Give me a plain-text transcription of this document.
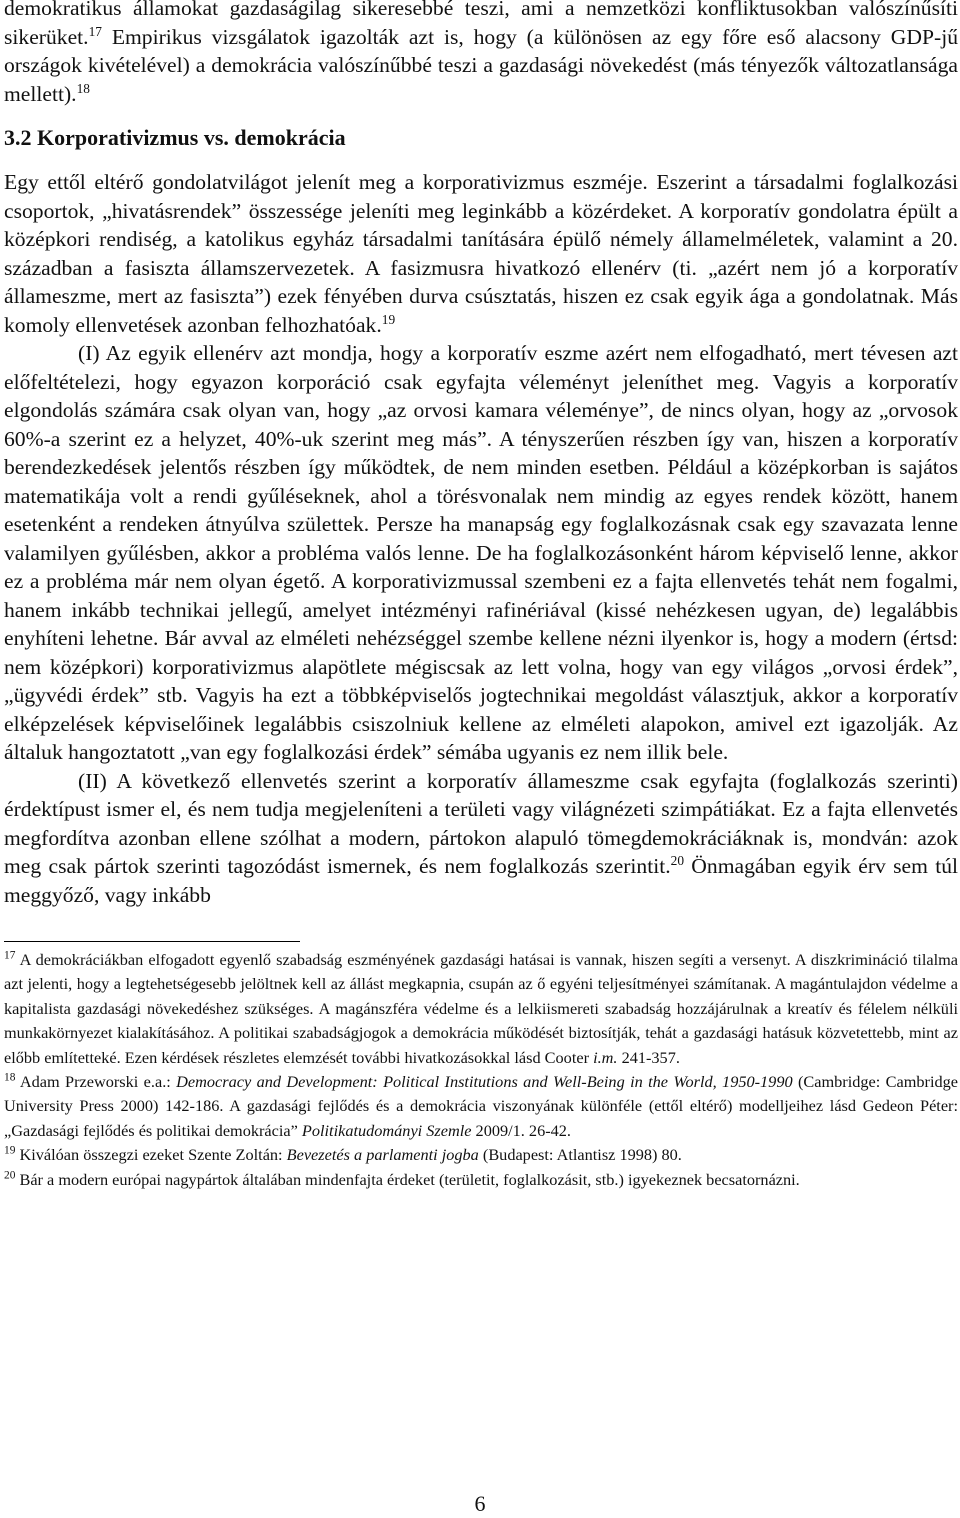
demokratikus államokat gazdaságilag sikeresebbé teszi, ami a nemzetközi konfliktusokban valószínűsíti sikerüket.$^{17}$ Empirikus vizsgálatok igazolták azt is, hogy (a különösen az egy főre eső alacsony GDP-jű országok kivételével) a demokrácia valószínűbbé teszi a gazdasági növekedést (más tényezők változatlansága mellett).$^{18}$

3.2 Korporativizmus vs. demokrácia

Egy ettől eltérő gondolatvilágot jelenít meg a korporativizmus eszméje. Eszerint a társadalmi foglalkozási csoportok, „hivatásrendek” összessége jeleníti meg leginkább a közérdeket. A korporatív gondolatra épült a középkori rendiség, a katolikus egyház társadalmi tanítására épülő némely államelméletek, valamint a 20. században a fasiszta államszervezetek. A fasizmusra hivatkozó ellenérv (ti. „azért nem jó a korporatív állameszme, mert az fasiszta”) ezek fényében durva csúsztatás, hiszen ez csak egyik ága a gondolatnak. Más komoly ellenvetések azonban felhozhatóak.$^{19}$

(I) Az egyik ellenérv azt mondja, hogy a korporatív eszme azért nem elfogadható, mert tévesen azt előfeltételezi, hogy egyazon korporáció csak egyfajta véleményt jeleníthet meg. Vagyis a korporatív elgondolás számára csak olyan van, hogy „az orvosi kamara véleménye”, de nincs olyan, hogy az „orvosok 60%-a szerint ez a helyzet, 40%-uk szerint meg más”. A tényszerűen részben így van, hiszen a korporatív berendezkedések jelentős részben így működtek, de nem minden esetben. Például a középkorban is sajátos matematikája volt a rendi gyűléseknek, ahol a törésvonalak nem mindig az egyes rendek között, hanem esetenként a rendeken átnyúlva születtek. Persze ha manapság egy foglalkozásnak csak egy szavazata lenne valamilyen gyűlésben, akkor a probléma valós lenne. De ha foglalkozásonként három képviselő lenne, akkor ez a probléma már nem olyan égető. A korporativizmussal szembeni ez a fajta ellenvetés tehát nem fogalmi, hanem inkább technikai jellegű, amelyet intézményi rafinériával (kissé nehézkesen ugyan, de) legalábbis enyhíteni lehetne. Bár avval az elméleti nehézséggel szembe kellene nézni ilyenkor is, hogy a modern (értsd: nem középkori) korporativizmus alapötlete mégiscsak az lett volna, hogy van egy világos „orvosi érdek”, „ügyvédi érdek” stb. Vagyis ha ezt a többképviselős jogtechnikai megoldást választjuk, akkor a korporatív elképzelések képviselőinek legalábbis csiszolniuk kellene az elméleti alapokon, amivel ezt igazolják. Az általuk hangoztatott „van egy foglalkozási érdek” sémába ugyanis ez nem illik bele.

(II) A következő ellenvetés szerint a korporatív állameszme csak egyfajta (foglalkozás szerinti) érdektípust ismer el, és nem tudja megjeleníteni a területi vagy világnézeti szimpátiákat. Ez a fajta ellenvetés megfordítva azonban ellene szólhat a modern, pártokon alapuló tömegdemokráciáknak is, mondván: azok meg csak pártok szerinti tagozódást ismernek, és nem foglalkozás szerintit.$^{20}$ Önmagában egyik érv sem túl meggyőző, vagy inkább

$^{17}$ A demokráciákban elfogadott egyenlő szabadság eszményének gazdasági hatásai is vannak, hiszen segíti a versenyt. A diszkrimináció tilalma azt jelenti, hogy a legtehetségesebb jelöltnek kell az állást megkapnia, csupán az ő egyéni teljesítményei számítanak. A magántulajdon védelme a kapitalista gazdasági növekedéshez szükséges. A magánszféra védelme és a lelkiismereti szabadság hozzájárulnak a kreatív és félelem nélküli munkakörnyezet kialakításához. A politikai szabadságjogok a demokrácia működését biztosítják, tehát a gazdasági hatásuk közvetettebb, mint az előbb említetteké. Ezen kérdések részletes elemzését további hivatkozásokkal lásd Cooter i.m. 241-357.

$^{18}$ Adam Przeworski e.a.: Democracy and Development: Political Institutions and Well-Being in the World, 1950-1990 (Cambridge: Cambridge University Press 2000) 142-186. A gazdasági fejlődés és a demokrácia viszonyának különféle (ettől eltérő) modelljeihez lásd Gedeon Péter: „Gazdasági fejlődés és politikai demokrácia” Politikatudományi Szemle 2009/1. 26-42.

$^{19}$ Kiválóan összegzi ezeket Szente Zoltán: Bevezetés a parlamenti jogba (Budapest: Atlantisz 1998) 80.

$^{20}$ Bár a modern európai nagypártok általában mindenfajta érdeket (területit, foglalkozásit, stb.) igyekeznek becsatornázni.

6
